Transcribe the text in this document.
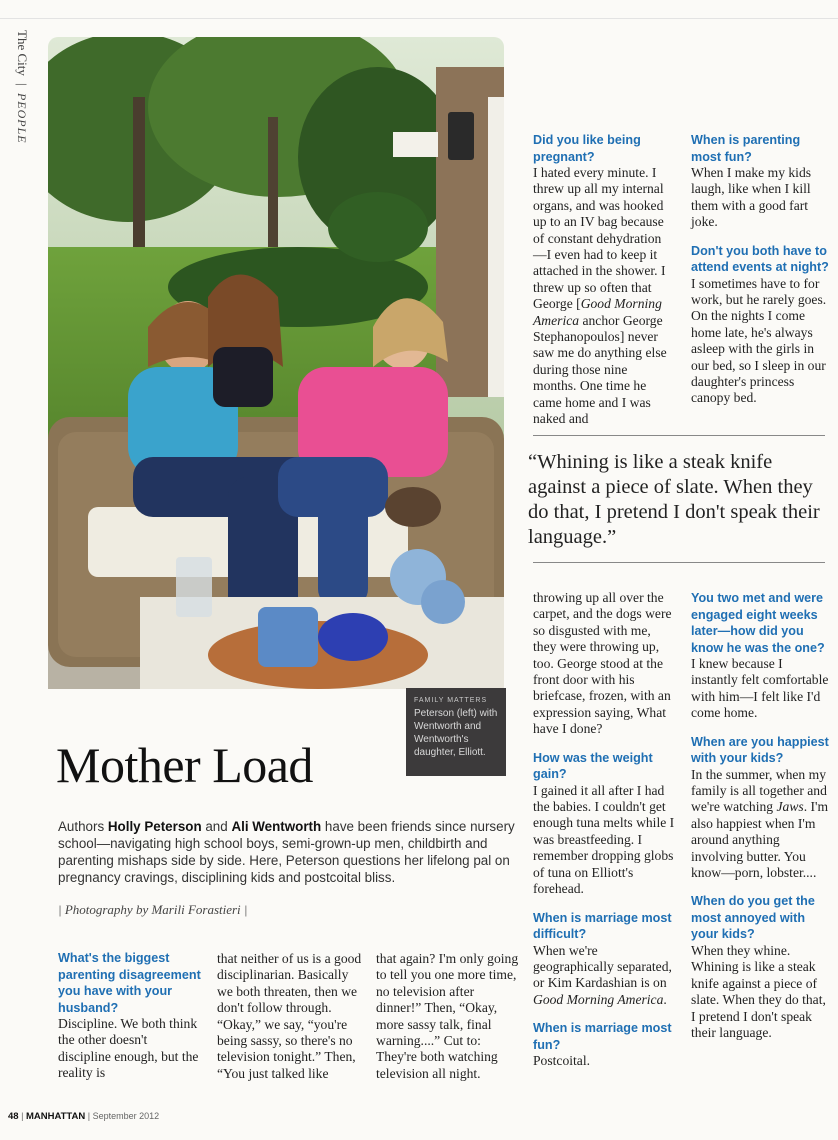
The City | PEOPLE
FAMILY MATTERS
Peterson (left) with Wentworth and Wentworth's daughter, Elliott.
Mother Load
Authors Holly Peterson and Ali Wentworth have been friends since nursery school—navigating high school boys, semi-grown-up men, childbirth and parenting mishaps side by side. Here, Peterson questions her lifelong pal on pregnancy cravings, disciplining kids and postcoital bliss.
| Photography by Marili Forastieri |
What's the biggest parenting disagreement you have with your husband?
Discipline. We both think the other doesn't discipline enough, but the reality is
that neither of us is a good disciplinarian. Basically we both threaten, then we don't follow through. “Okay,” we say, “you're being sassy, so there's no television tonight.” Then, “You just talked like
that again? I'm only going to tell you one more time, no television after dinner!” Then, “Okay, more sassy talk, final warning....” Cut to: They're both watching television all night.
Did you like being pregnant?
I hated every minute. I threw up all my internal organs, and was hooked up to an IV bag because of constant dehydration—I even had to keep it attached in the shower. I threw up so often that George [Good Morning America anchor George Stephanopoulos] never saw me do anything else during those nine months. One time he came home and I was naked and
When is parenting most fun?
When I make my kids laugh, like when I kill them with a good fart joke.
Don't you both have to attend events at night?
I sometimes have to for work, but he rarely goes. On the nights I come home late, he's always asleep with the girls in our bed, so I sleep in our daughter's princess canopy bed.
“Whining is like a steak knife against a piece of slate. When they do that, I pretend I don't speak their language.”
throwing up all over the carpet, and the dogs were so disgusted with me, they were throwing up, too. George stood at the front door with his briefcase, frozen, with an expression saying, What have I done?
How was the weight gain?
I gained it all after I had the babies. I couldn't get enough tuna melts while I was breastfeeding. I remember dropping globs of tuna on Elliott's forehead.
When is marriage most difficult?
When we're geographically separated, or Kim Kardashian is on Good Morning America.
When is marriage most fun?
Postcoital.
You two met and were engaged eight weeks later—how did you know he was the one?
I knew because I instantly felt comfortable with him—I felt like I'd come home.
When are you happiest with your kids?
In the summer, when my family is all together and we're watching Jaws. I'm also happiest when I'm around anything involving butter. You know—porn, lobster....
When do you get the most annoyed with your kids?
When they whine. Whining is like a steak knife against a piece of slate. When they do that, I pretend I don't speak their language.
48 | MANHATTAN | September 2012
